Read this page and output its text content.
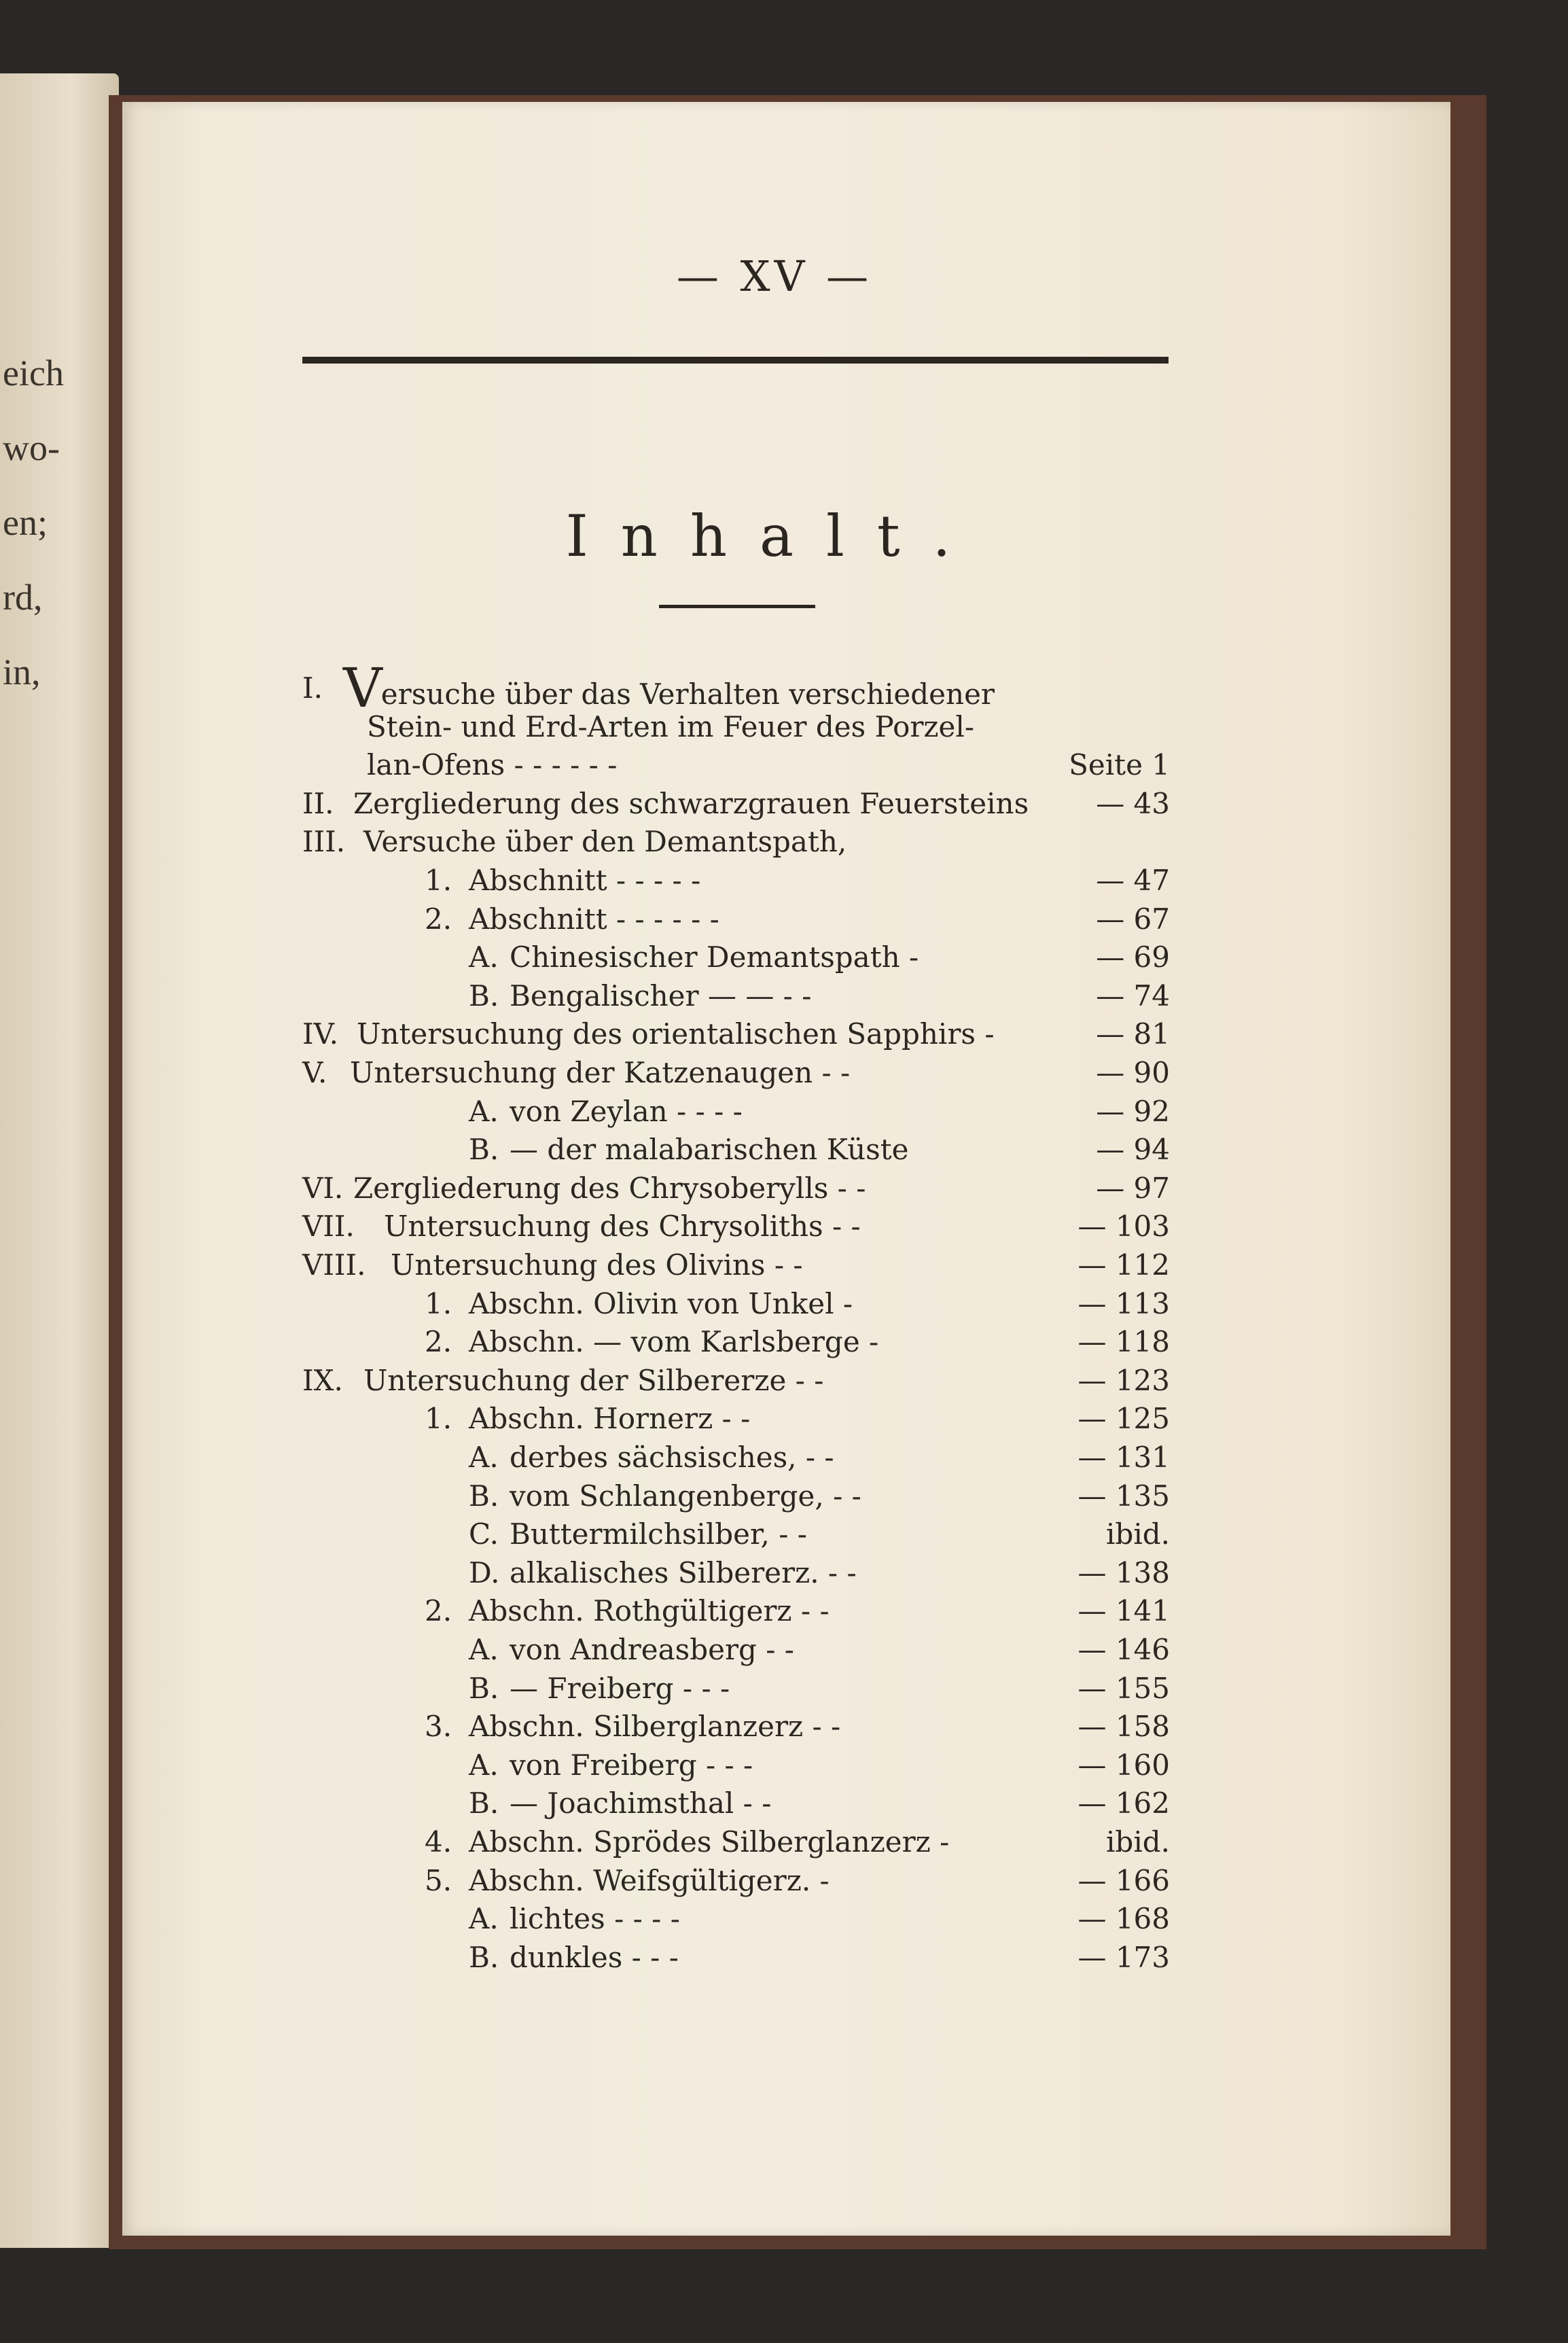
eich
wo-
en;
rd,
in,
— XV —
Inhalt.
I. Versuche über das Verhalten verschiedener
Stein- und Erd-Arten im Feuer des Porzel-
lan-Ofens - - - - - -	Seite 1
II. Zergliederung des schwarzgrauen Feuersteins — 43
III. Versuche über den Demantspath,
1. Abschnitt - - - - -	— 47
2. Abschnitt - - - - - -	— 67
A. Chinesischer Demantspath -	— 69
B. Bengalischer — — - -	— 74
IV. Untersuchung des orientalischen Sapphirs -	— 81
V. Untersuchung der Katzenaugen - -	— 90
A. von Zeylan - - - -	— 92
B. — der malabarischen Küste	— 94
VI. Zergliederung des Chrysoberylls - -	— 97
VII. Untersuchung des Chrysoliths - -	— 103
VIII. Untersuchung des Olivins - -	— 112
1. Abschn. Olivin von Unkel -	— 113
2. Abschn. — vom Karlsberge -	— 118
IX. Untersuchung der Silbererze - -	— 123
1. Abschn. Hornerz - -	— 125
A. derbes sächsisches, - -	— 131
B. vom Schlangenberge, - -	— 135
C. Buttermilchsilber, - -	ibid.
D. alkalisches Silbererz. - -	— 138
2. Abschn. Rothgültigerz - -	— 141
A. von Andreasberg - -	— 146
B. — Freiberg - - -	— 155
3. Abschn. Silberglanzerz - -	— 158
A. von Freiberg - - -	— 160
B. — Joachimsthal - -	— 162
4. Abschn. Sprödes Silberglanzerz -	ibid.
5. Abschn. Weifsgültigerz. -	— 166
A. lichtes - - - -	— 168
B. dunkles - - -	— 173
